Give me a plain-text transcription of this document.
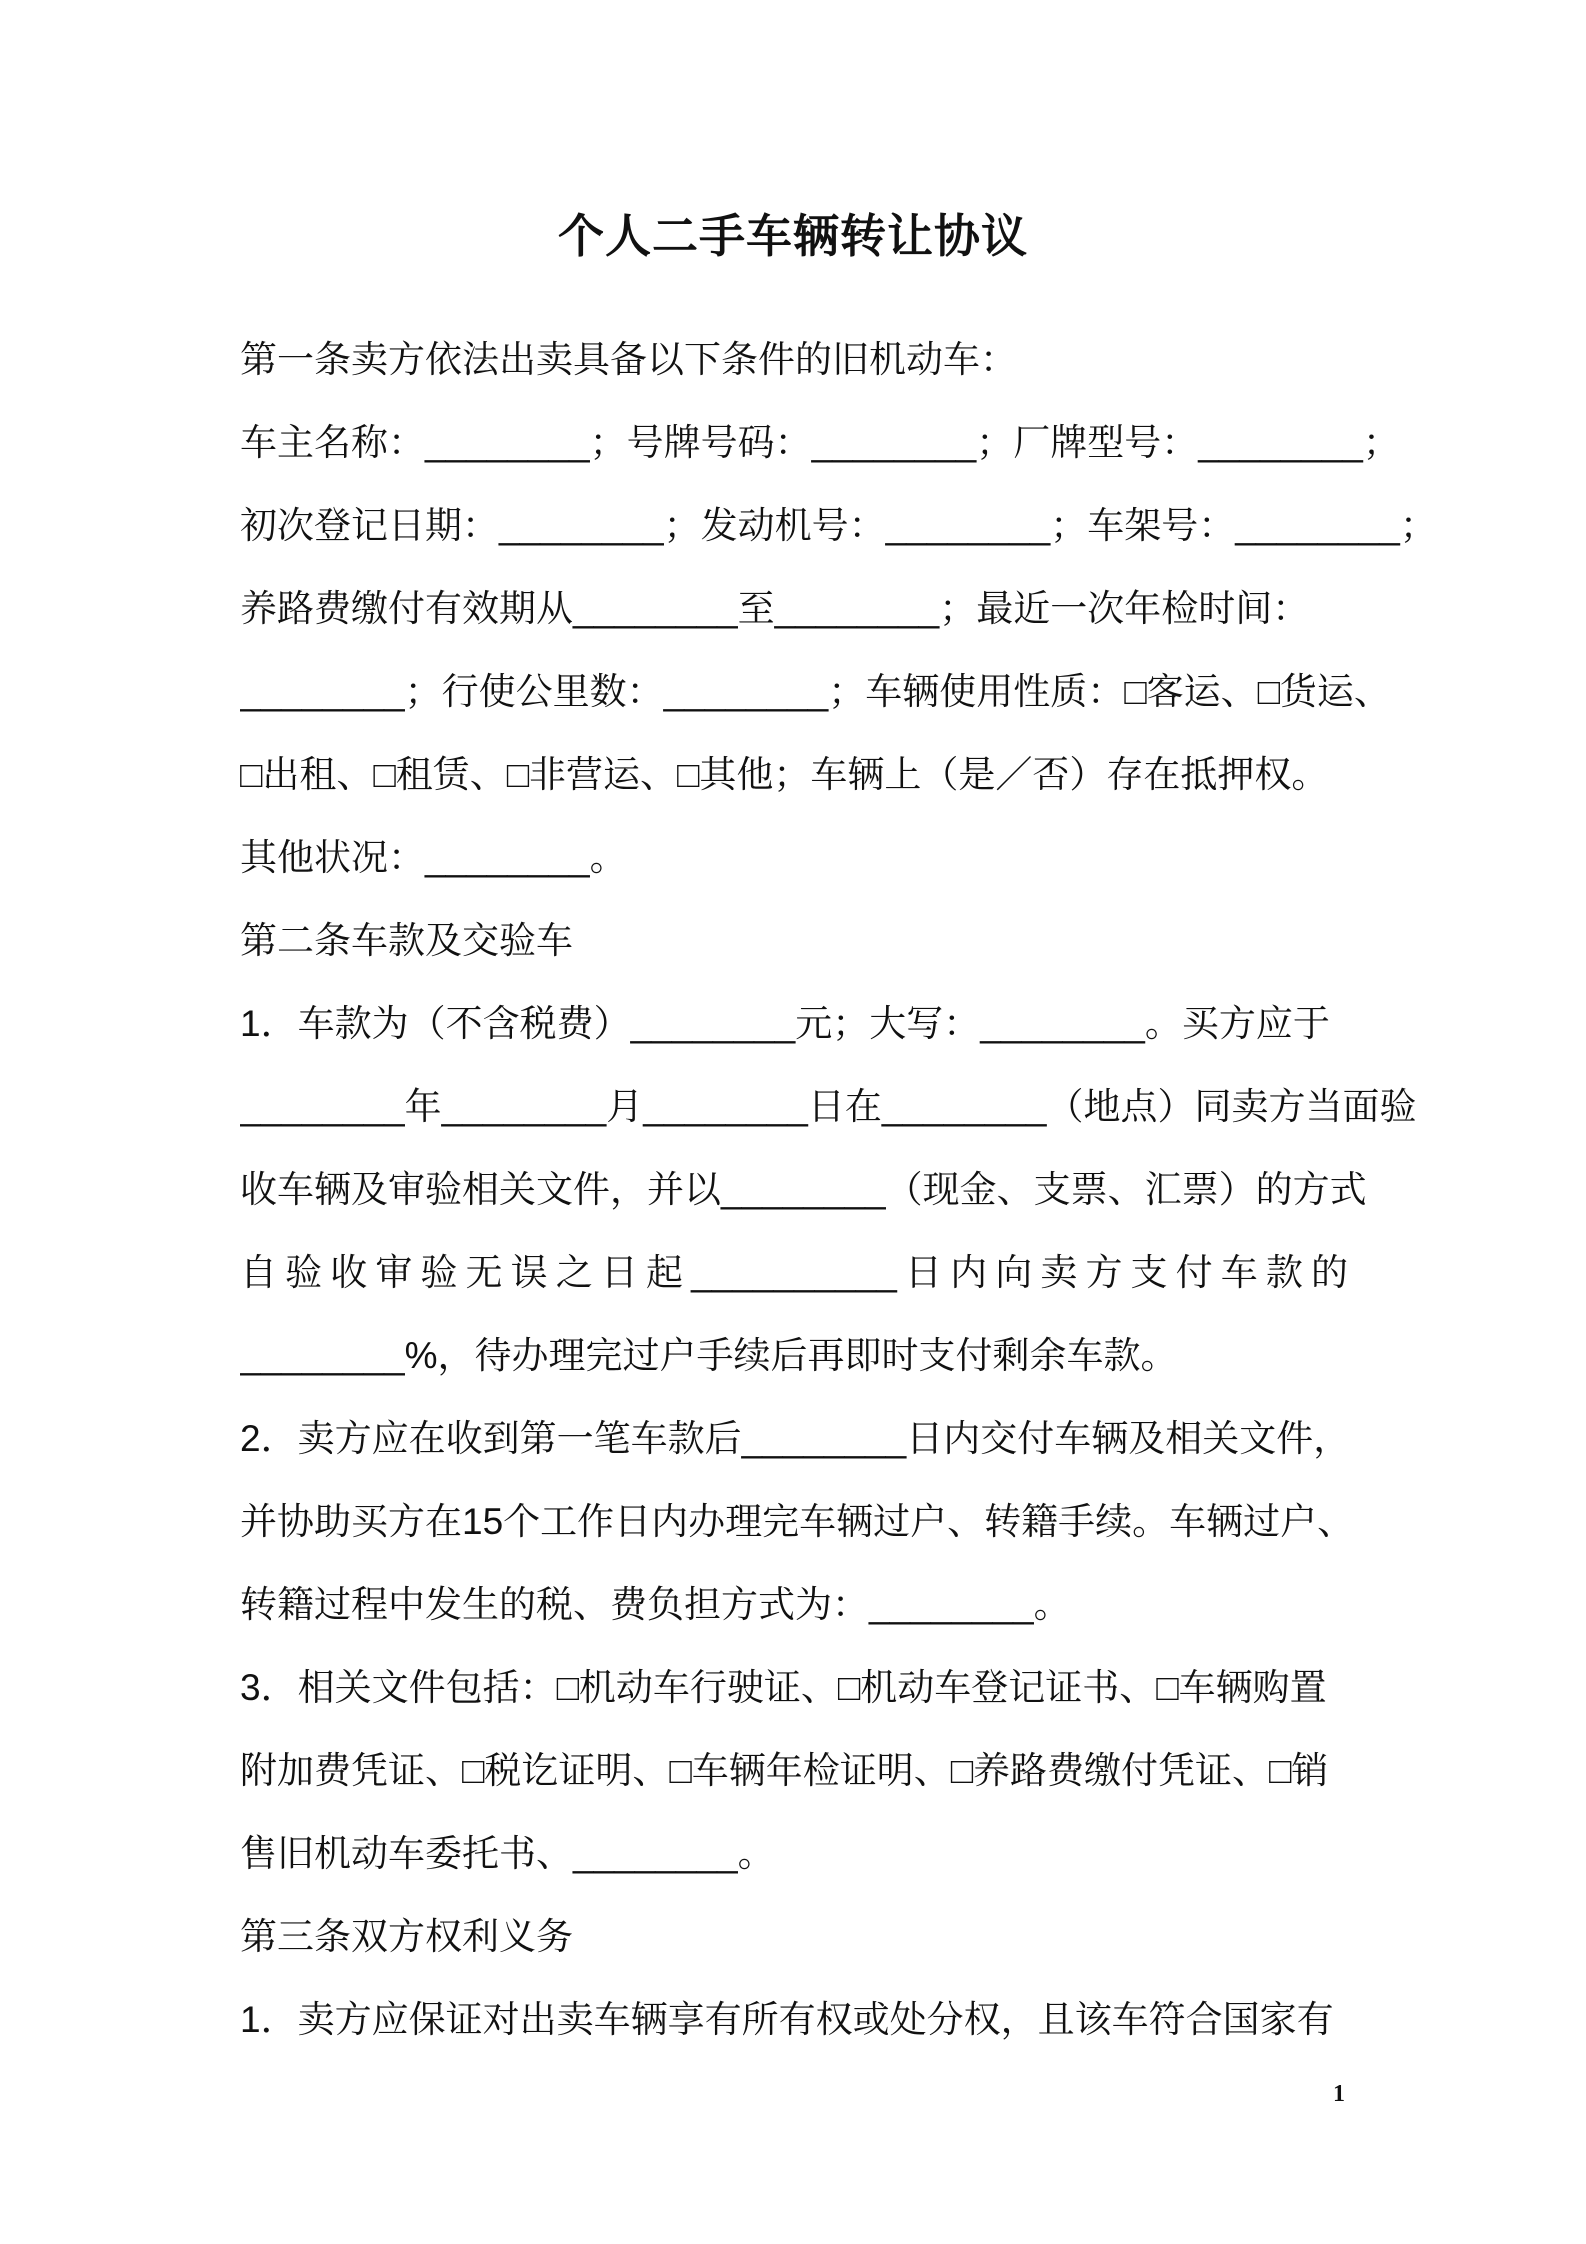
个人二手车辆转让协议
第一条卖方依法出卖具备以下条件的旧机动车：
车主名称：________；号牌号码：________；厂牌型号：________；
初次登记日期：________；发动机号：________；车架号：________；
养路费缴付有效期从________至________；最近一次年检时间：
________；行使公里数：________；车辆使用性质：□客运、□货运、
□出租、□租赁、□非营运、□其他；车辆上（是／否）存在抵押权。
其他状况：________。
第二条车款及交验车
1．车款为（不含税费）________元；大写：________。买方应于
________年________月________日在________（地点）同卖方当面验
收车辆及审验相关文件，并以________（现金、支票、汇票）的方式
自验收审验无误之日起__________日内向卖方支付车款的
________%，待办理完过户手续后再即时支付剩余车款。
2．卖方应在收到第一笔车款后________日内交付车辆及相关文件，
并协助买方在15个工作日内办理完车辆过户、转籍手续。车辆过户、
转籍过程中发生的税、费负担方式为：________。
3．相关文件包括：□机动车行驶证、□机动车登记证书、□车辆购置
附加费凭证、□税讫证明、□车辆年检证明、□养路费缴付凭证、□销
售旧机动车委托书、________。
第三条双方权利义务
1．卖方应保证对出卖车辆享有所有权或处分权，且该车符合国家有
1
